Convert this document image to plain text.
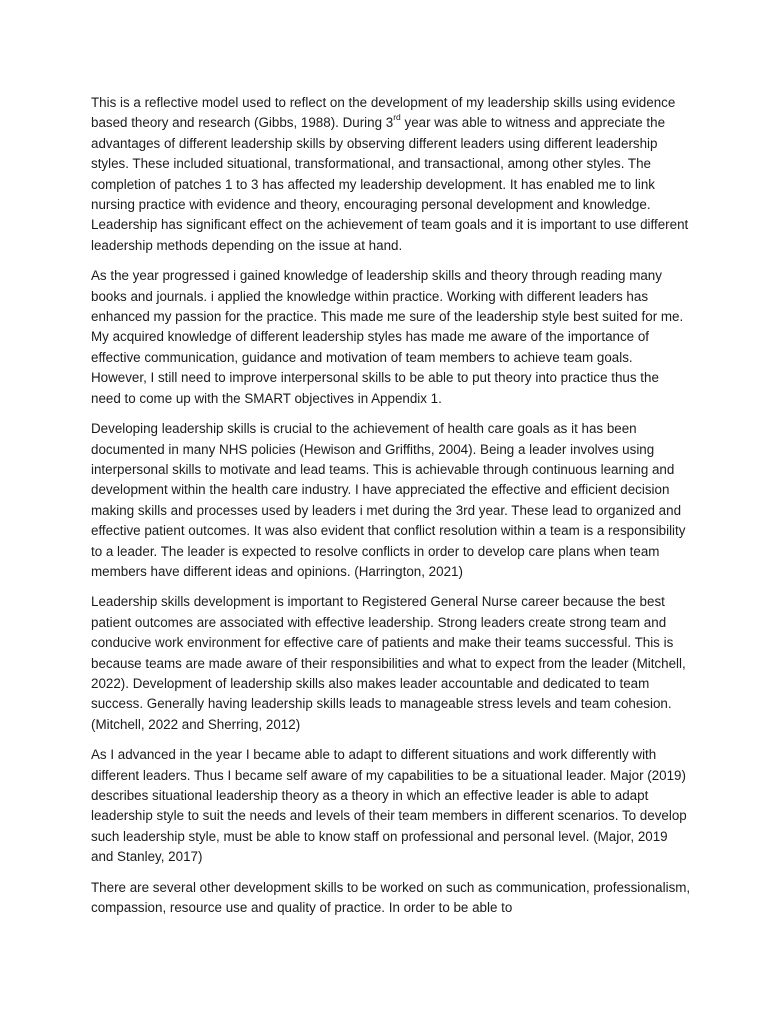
This is a reflective model used to reflect on the development of my leadership skills using evidence based theory and research (Gibbs, 1988). During 3rd year was able to witness and appreciate the advantages of different leadership skills by observing different leaders using different leadership styles. These included situational, transformational, and transactional, among other styles. The completion of patches 1 to 3 has affected my leadership development. It has enabled me to link nursing practice with evidence and theory, encouraging personal development and knowledge. Leadership has significant effect on the achievement of team goals and it is important to use different leadership methods depending on the issue at hand.

As the year progressed i gained knowledge of leadership skills and theory through reading many books and journals. i applied the knowledge within practice. Working with different leaders has enhanced my passion for the practice. This made me sure of the leadership style best suited for me. My acquired knowledge of different leadership styles has made me aware of the importance of effective communication, guidance and motivation of team members to achieve team goals. However, I still need to improve interpersonal skills to be able to put theory into practice thus the need to come up with the SMART objectives in Appendix 1.

Developing leadership skills is crucial to the achievement of health care goals as it has been documented in many NHS policies (Hewison and Griffiths, 2004). Being a leader involves using interpersonal skills to motivate and lead teams. This is achievable through continuous learning and development within the health care industry. I have appreciated the effective and efficient decision making skills and processes used by leaders i met during the 3rd year. These lead to organized and effective patient outcomes. It was also evident that conflict resolution within a team is a responsibility to a leader. The leader is expected to resolve conflicts in order to develop care plans when team members have different ideas and opinions. (Harrington, 2021)

Leadership skills development is important to Registered General Nurse career because the best patient outcomes are associated with effective leadership. Strong leaders create strong team and conducive work environment for effective care of patients and make their teams successful. This is because teams are made aware of their responsibilities and what to expect from the leader (Mitchell, 2022). Development of leadership skills also makes leader accountable and dedicated to team success. Generally having leadership skills leads to manageable stress levels and team cohesion. (Mitchell, 2022 and Sherring, 2012)

As I advanced in the year I became able to adapt to different situations and work differently with different leaders. Thus I became self aware of my capabilities to be a situational leader. Major (2019) describes situational leadership theory as a theory in which an effective leader is able to adapt leadership style to suit the needs and levels of their team members in different scenarios. To develop such leadership style, must be able to know staff on professional and personal level. (Major, 2019 and Stanley, 2017)

There are several other development skills to be worked on such as communication, professionalism, compassion, resource use and quality of practice. In order to be able to
